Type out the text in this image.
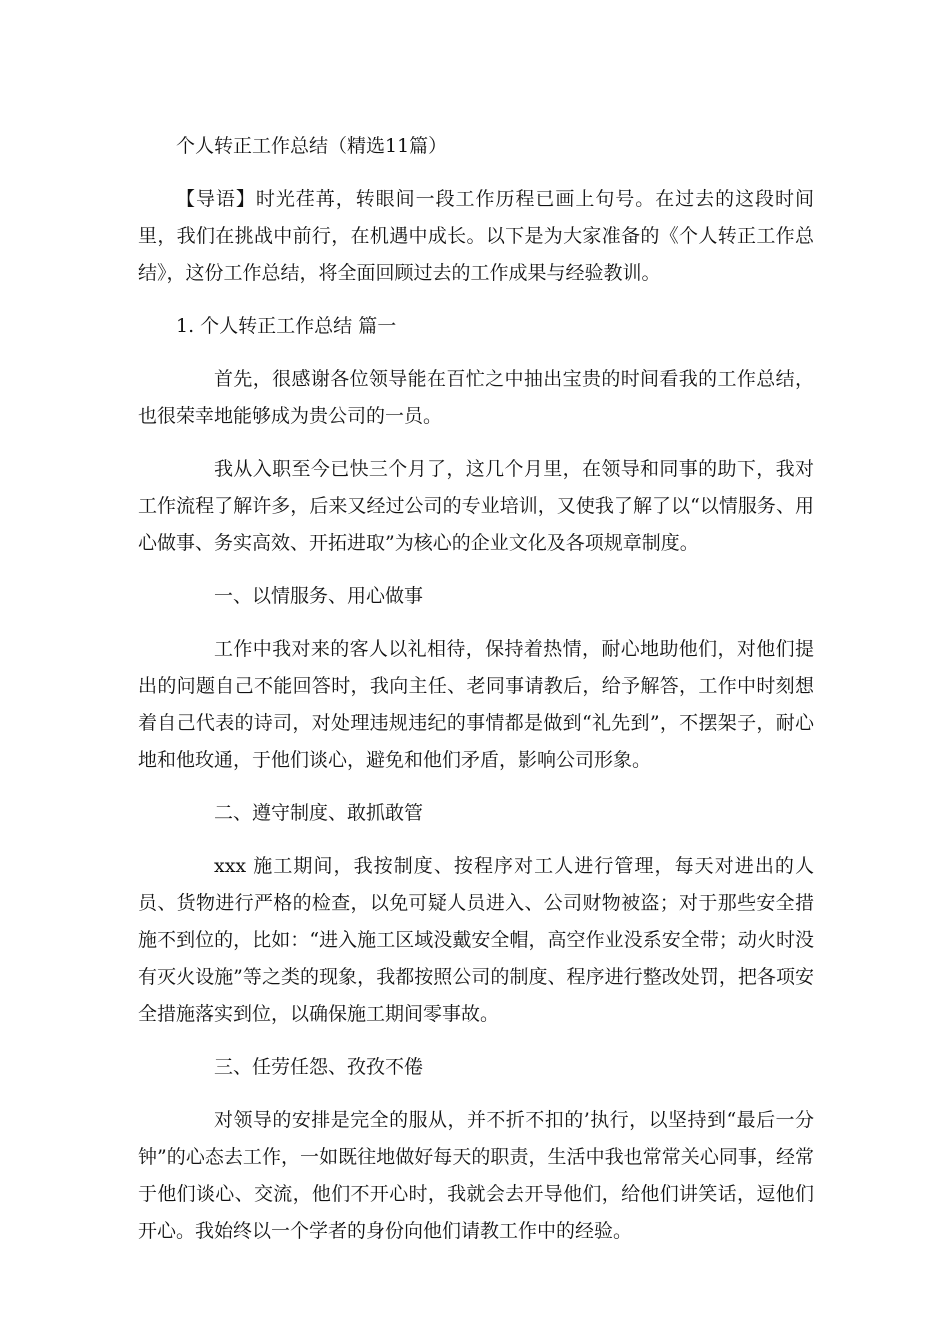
个人转正工作总结（精选11篇）

【导语】时光荏苒，转眼间一段工作历程已画上句号。在过去的这段时间里，我们在挑战中前行，在机遇中成长。以下是为大家准备的《个人转正工作总结》，这份工作总结，将全面回顾过去的工作成果与经验教训。

1. 个人转正工作总结 篇一

首先，很感谢各位领导能在百忙之中抽出宝贵的时间看我的工作总结，也很荣幸地能够成为贵公司的一员。

我从入职至今已快三个月了，这几个月里，在领导和同事的助下，我对工作流程了解许多，后来又经过公司的专业培训，又使我了解了以“以情服务、用心做事、务实高效、开拓进取”为核心的企业文化及各项规章制度。

一、以情服务、用心做事

工作中我对来的客人以礼相待，保持着热情，耐心地助他们，对他们提出的问题自己不能回答时，我向主任、老同事请教后，给予解答，工作中时刻想着自己代表的诗司，对处理违规违纪的事情都是做到“礼先到”，不摆架子，耐心地和他玫通，于他们谈心，避免和他们矛盾，影响公司形象。

二、遵守制度、敢抓敢管

xxx 施工期间，我按制度、按程序对工人进行管理，每天对进出的人员、货物进行严格的检查，以免可疑人员进入、公司财物被盗；对于那些安全措施不到位的，比如：“进入施工区域没戴安全帽，高空作业没系安全带；动火时没有灭火设施”等之类的现象，我都按照公司的制度、程序进行整改处罚，把各项安全措施落实到位，以确保施工期间零事故。

三、任劳任怨、孜孜不倦

对领导的安排是完全的服从，并不折不扣的’执行，以坚持到“最后一分钟”的心态去工作，一如既往地做好每天的职责，生活中我也常常关心同事，经常于他们谈心、交流，他们不开心时，我就会去开导他们，给他们讲笑话，逗他们开心。我始终以一个学者的身份向他们请教工作中的经验。
